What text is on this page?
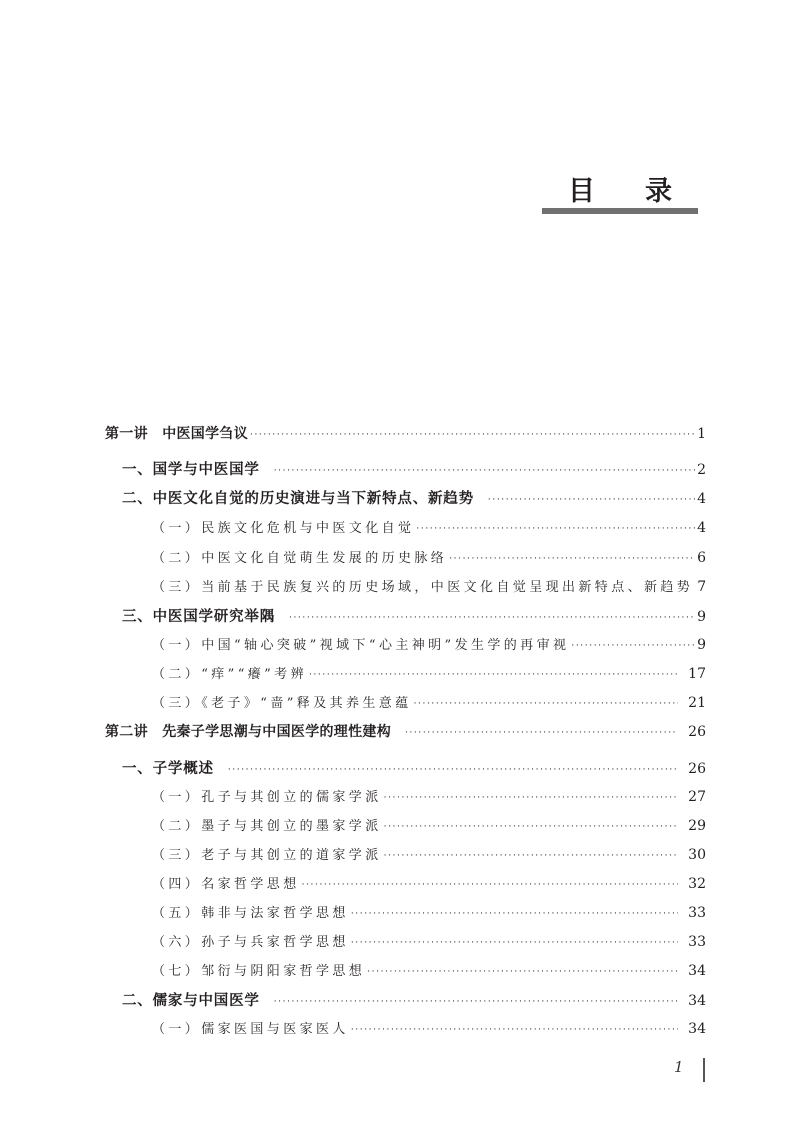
目 录
第一讲　中医国学刍议 ·····	1
一、国学与中医国学 ·····	2
二、中医文化自觉的历史演进与当下新特点、新趋势 ·····	4
（一）民族文化危机与中医文化自觉 ·····	4
（二）中医文化自觉萌生发展的历史脉络 ·····	6
（三）当前基于民族复兴的历史场域，中医文化自觉呈现出新特点、新趋势 7
三、中医国学研究举隅 ·····	9
（一）中国“轴心突破”视域下“心主神明”发生学的再审视 ·····	9
（二）“痒”“癢”考辨 ·····	17
（三）《老子》“啬”释及其养生意蕴 ·····	21
第二讲　先秦子学思潮与中国医学的理性建构 ·····	26
一、子学概述 ·····	26
（一）孔子与其创立的儒家学派 ·····	27
（二）墨子与其创立的墨家学派 ·····	29
（三）老子与其创立的道家学派 ·····	30
（四）名家哲学思想 ·····	32
（五）韩非与法家哲学思想 ·····	33
（六）孙子与兵家哲学思想 ·····	33
（七）邹衍与阴阳家哲学思想 ·····	34
二、儒家与中国医学 ·····	34
（一）儒家医国与医家医人 ·····	34
1
